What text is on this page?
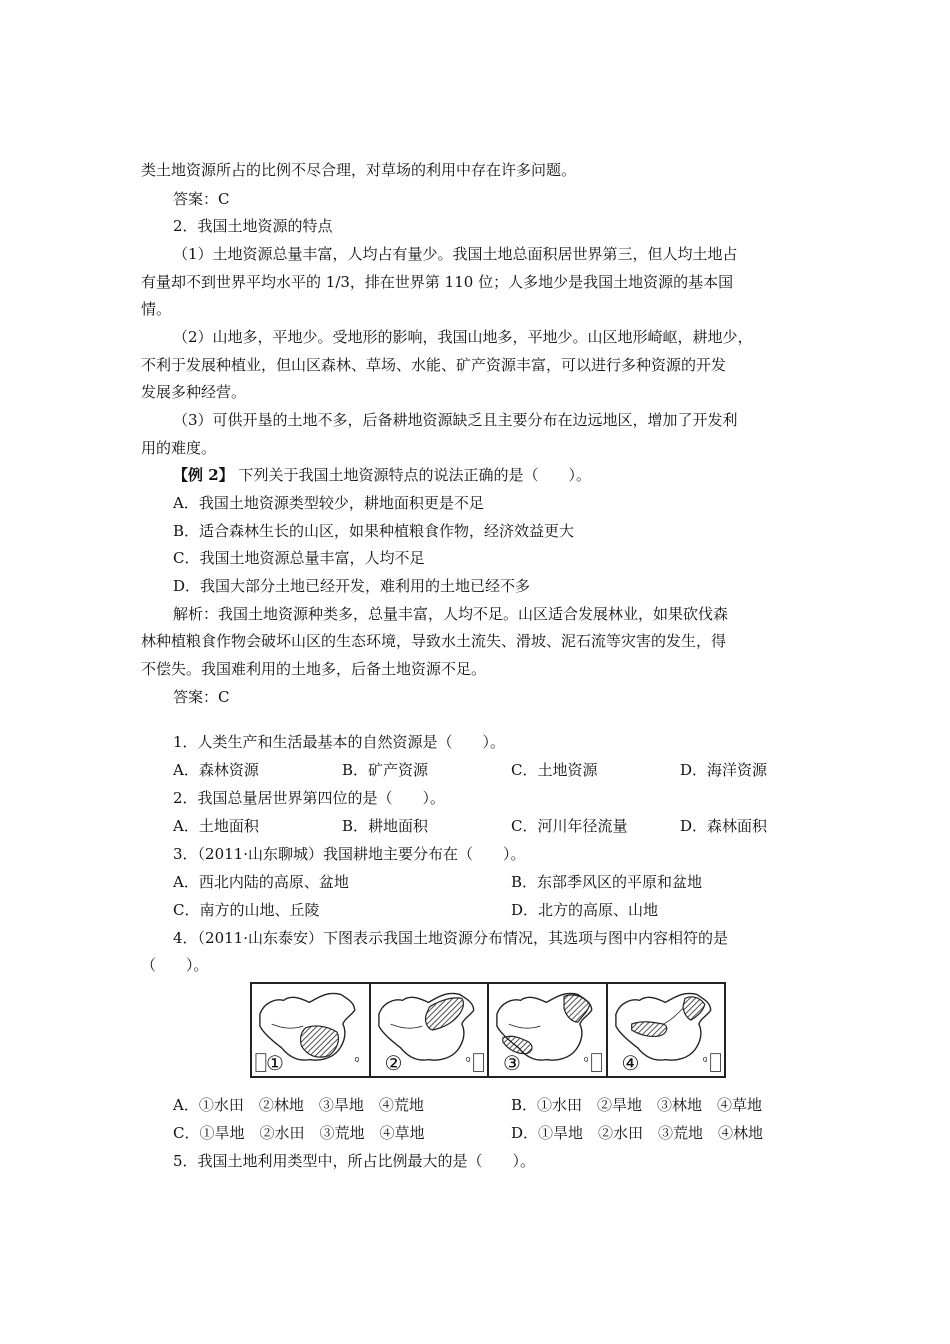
类土地资源所占的比例不尽合理，对草场的利用中存在许多问题。
答案：C
2．我国土地资源的特点
（1）土地资源总量丰富，人均占有量少。我国土地总面积居世界第三，但人均土地占
有量却不到世界平均水平的 1/3，排在世界第 110 位；人多地少是我国土地资源的基本国
情。
（2）山地多，平地少。受地形的影响，我国山地多，平地少。山区地形崎岖，耕地少，
不利于发展种植业，但山区森林、草场、水能、矿产资源丰富，可以进行多种资源的开发
发展多种经营。
（3）可供开垦的土地不多，后备耕地资源缺乏且主要分布在边远地区，增加了开发利
用的难度。
【例 2】 下列关于我国土地资源特点的说法正确的是（　　）。
A．我国土地资源类型较少，耕地面积更是不足
B．适合森林生长的山区，如果种植粮食作物，经济效益更大
C．我国土地资源总量丰富，人均不足
D．我国大部分土地已经开发，难利用的土地已经不多
解析：我国土地资源种类多，总量丰富，人均不足。山区适合发展林业，如果砍伐森
林种植粮食作物会破坏山区的生态环境，导致水土流失、滑坡、泥石流等灾害的发生，得
不偿失。我国难利用的土地多，后备土地资源不足。
答案：C
1．人类生产和生活最基本的自然资源是（　　）。
A．森林资源	B．矿产资源	C．土地资源	D．海洋资源
2．我国总量居世界第四位的是（　　）。
A．土地面积	B．耕地面积	C．河川年径流量	D．森林面积
3．（2011·山东聊城）我国耕地主要分布在（　　）。
A．西北内陆的高原、盆地	B．东部季风区的平原和盆地
C．南方的山地、丘陵	D．北方的高原、山地
4．（2011·山东泰安）下图表示我国土地资源分布情况，其选项与图中内容相符的是
（　　）。
Q
①	Q
②	Q
③	Q
④
A．①水田　②林地　③旱地　④荒地	B．①水田　②旱地　③林地　④草地
C．①旱地　②水田　③荒地　④草地	D．①旱地　②水田　③荒地　④林地
5．我国土地利用类型中，所占比例最大的是（　　）。
